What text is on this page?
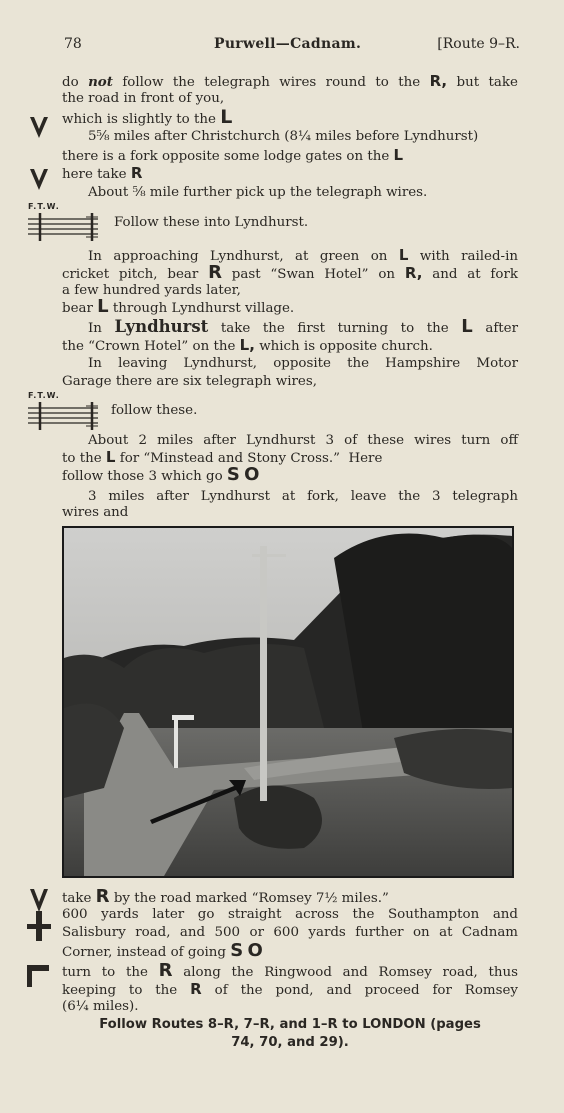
78	Purwell—Cadnam.	[Route 9–R.
do not follow the telegraph wires round to the R, but take
the road in front of you,
which is slightly to the L
5⅝ miles after Christchurch (8¼ miles before Lyndhurst)
there is a fork opposite some lodge gates on the L
here take R
About ⅝ mile further pick up the telegraph wires.
F.T.W.
Follow these into Lyndhurst.
In approaching Lyndhurst, at green on L with railed-in
cricket pitch, bear R past “Swan Hotel” on R, and at fork
a few hundred yards later,
bear L through Lyndhurst village.
In Lyndhurst take the first turning to the L after
the “Crown Hotel” on the L, which is opposite church.
In leaving Lyndhurst, opposite the Hampshire Motor
Garage there are six telegraph wires,
F.T.W.
follow these.
About 2 miles after Lyndhurst 3 of these wires turn off
to the L for “Minstead and Stony Cross.” Here
follow those 3 which go S O
3 miles after Lyndhurst at fork, leave the 3 telegraph
wires and
take R by the road marked “Romsey 7½ miles.”
600 yards later go straight across the Southampton and
Salisbury road, and 500 or 600 yards further on at Cadnam
Corner, instead of going S O
turn to the R along the Ringwood and Romsey road, thus
keeping to the R of the pond, and proceed for Romsey
(6¼ miles).
Follow Routes 8–R, 7–R, and 1–R to LONDON (pages
74, 70, and 29).
